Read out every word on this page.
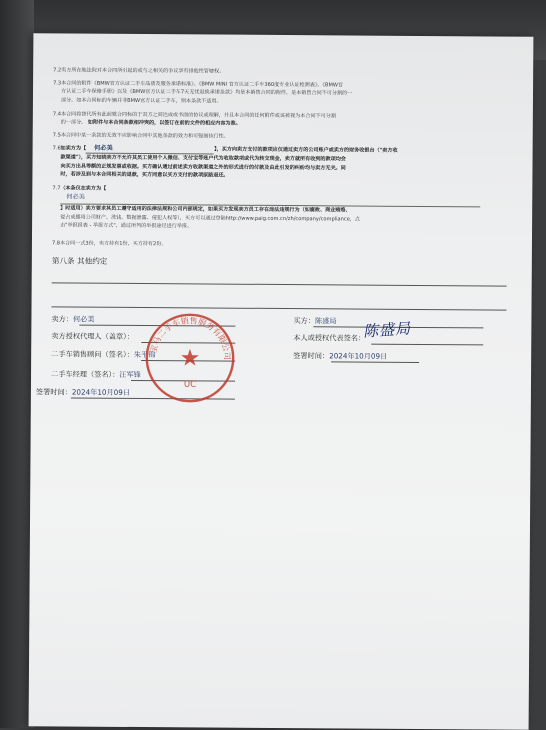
7.2 卖方所在地法院对本合同所引起的或与之相关的争议享有排他性管辖权。
7.3 本合同的附件《BMW官方认证二手车品质及服务承诺标准》、《BMW MINI 官方认证二手车360度专业认证检测表》、《BMW官
方认证二手车保修手册》以及《BMW官方认证二手车7天无忧退换承诺条款》均是本销售合同的附件，是本销售合同不可分割的一
部分。如本合同标的车辆并非BMW官方认证二手车，则本条款不适用。
7.4 本合同将替代所有此前就合同标的于双方之间达成或书面的协议或理解，并且本合同的任何附件或该被视为本合同不可分割
的一部分。 如附件与本合同条款相冲突的，以签订在前的文件的相应内容为准。
7.5 本合同中某一条款的无效不应影响合同中其他条款的效力和可强制执行性。
7.6 如卖方为【 何必美	】，买方向卖方支付的款项应仅通过卖方的公司账户或卖方的财务收银台（"卖方收
款渠道"），买方知晓卖方不允许其员工使用个人微信、支付宝等账户代为收取款项或代为转交现金，卖方就所有收到的款项均会
向买方出具等额的正规发票或收据。买方确认通过前述卖方收款渠道之外的形式进行的付款及由此引发的纠纷均与卖方无关。同
时，若涉及到与本合同相关的退款，买方同意以买方支付的款项原路退还。
7.7 （本条仅在卖方为【
何必美
】时适用）卖方要求其员工遵守适用的法律法规和公司内部规定，如果买方发现卖方员工存在违法违规行为（如腐败、商业贿赂、
侵占或挪用公司财产、洗钱、数据泄露、侵犯人权等），买方可以通过登陆http://www.paig.com.cn/zh/company/compliance，点
击"举报报表 - 举报方式"，通过所列的举报途径进行举报。
7.8 本合同一式3份，卖方持有1份，买方持有2份。
第八条 其他约定
卖方：何必美
卖方授权代理人（盖章）：
二手车销售顾问（签名）：朱平锦
二手车经理（签名）：汪军锋
签署时间：2024年10月09日
买方：陈盛局
本人或授权代表签名：
签署时间：2024年10月09日
陈盛局
宝马二手车销售服务有限公司
★
UC
